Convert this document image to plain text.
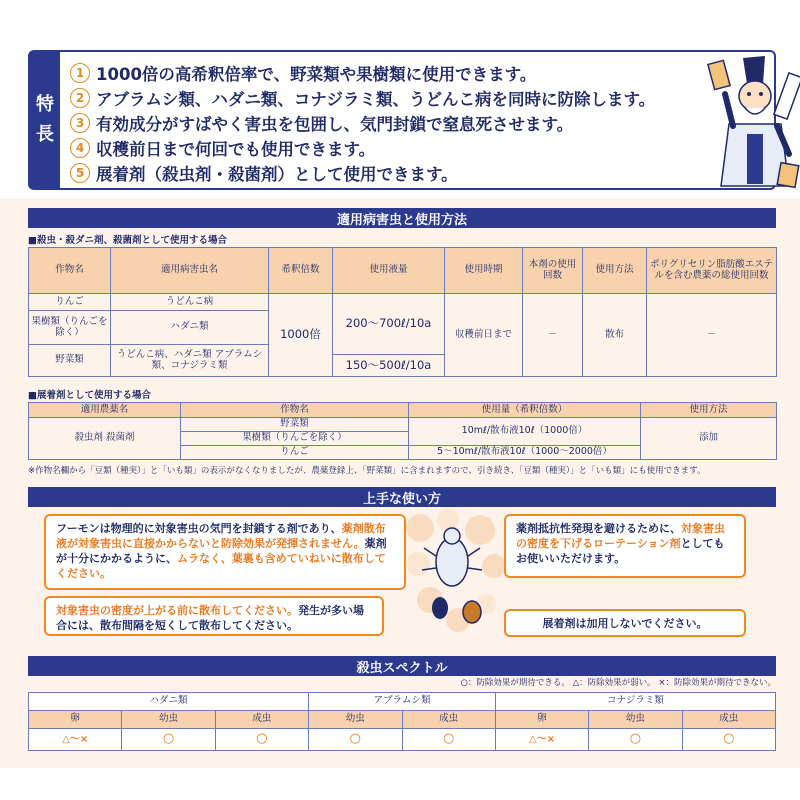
特
長
1 1000倍の高希釈倍率で、野菜類や果樹類に使用できます。
2 アブラムシ類、ハダニ類、コナジラミ類、うどんこ病を同時に防除します。
3 有効成分がすばやく害虫を包囲し、気門封鎖で窒息死させます。
4 収穫前日まで何回でも使用できます。
5 展着剤（殺虫剤・殺菌剤）として使用できます。
適用病害虫と使用方法
■殺虫・殺ダニ剤、殺菌剤として使用する場合
作物名	適用病害虫名	希釈倍数	使用液量	使用時期	本剤の使用回数	使用方法	ポリグリセリン脂肪酸エステルを含む農薬の総使用回数
りんご	うどんこ病	1000倍	200～700ℓ/10a	収穫前日まで	－	散布	－
果樹類（りんごを除く）	ハダニ類						
野菜類	うどんこ病、ハダニ類 アブラムシ類、コナジラミ類						
			150～500ℓ/10a				
■展着剤として使用する場合
適用農薬名	作物名	使用量（希釈倍数）	使用方法
殺虫剤 殺菌剤	野菜類	10mℓ/散布液10ℓ（1000倍）	添加
	果樹類（りんごを除く）		
	りんご	5～10mℓ/散布液10ℓ（1000～2000倍）	
※作物名欄から「豆類（種実）」と「いも類」の表示がなくなりましたが、農薬登録上、「野菜類」に含まれますので、引き続き、「豆類（種実）」と「いも類」にも使用できます。
上手な使い方
フーモンは物理的に対象害虫の気門を封鎖する剤であり、薬剤散布液が対象害虫に直接かからないと防除効果が発揮されません。薬剤が十分にかかるように、ムラなく、葉裏も含めていねいに散布してください。
対象害虫の密度が上がる前に散布してください。発生が多い場合には、散布間隔を短くして散布してください。
薬剤抵抗性発現を避けるために、対象害虫の密度を下げるローテーション剤としてもお使いいただけます。
展着剤は加用しないでください。
殺虫スペクトル
○：防除効果が期待できる。 △：防除効果が弱い。 ×：防除効果が期待できない。
ハダニ類			アブラムシ類		コナジラミ類		
卵	幼虫	成虫	幼虫	成虫	卵	幼虫	成虫
△～×	○	○	○	○	△～×	○	○
